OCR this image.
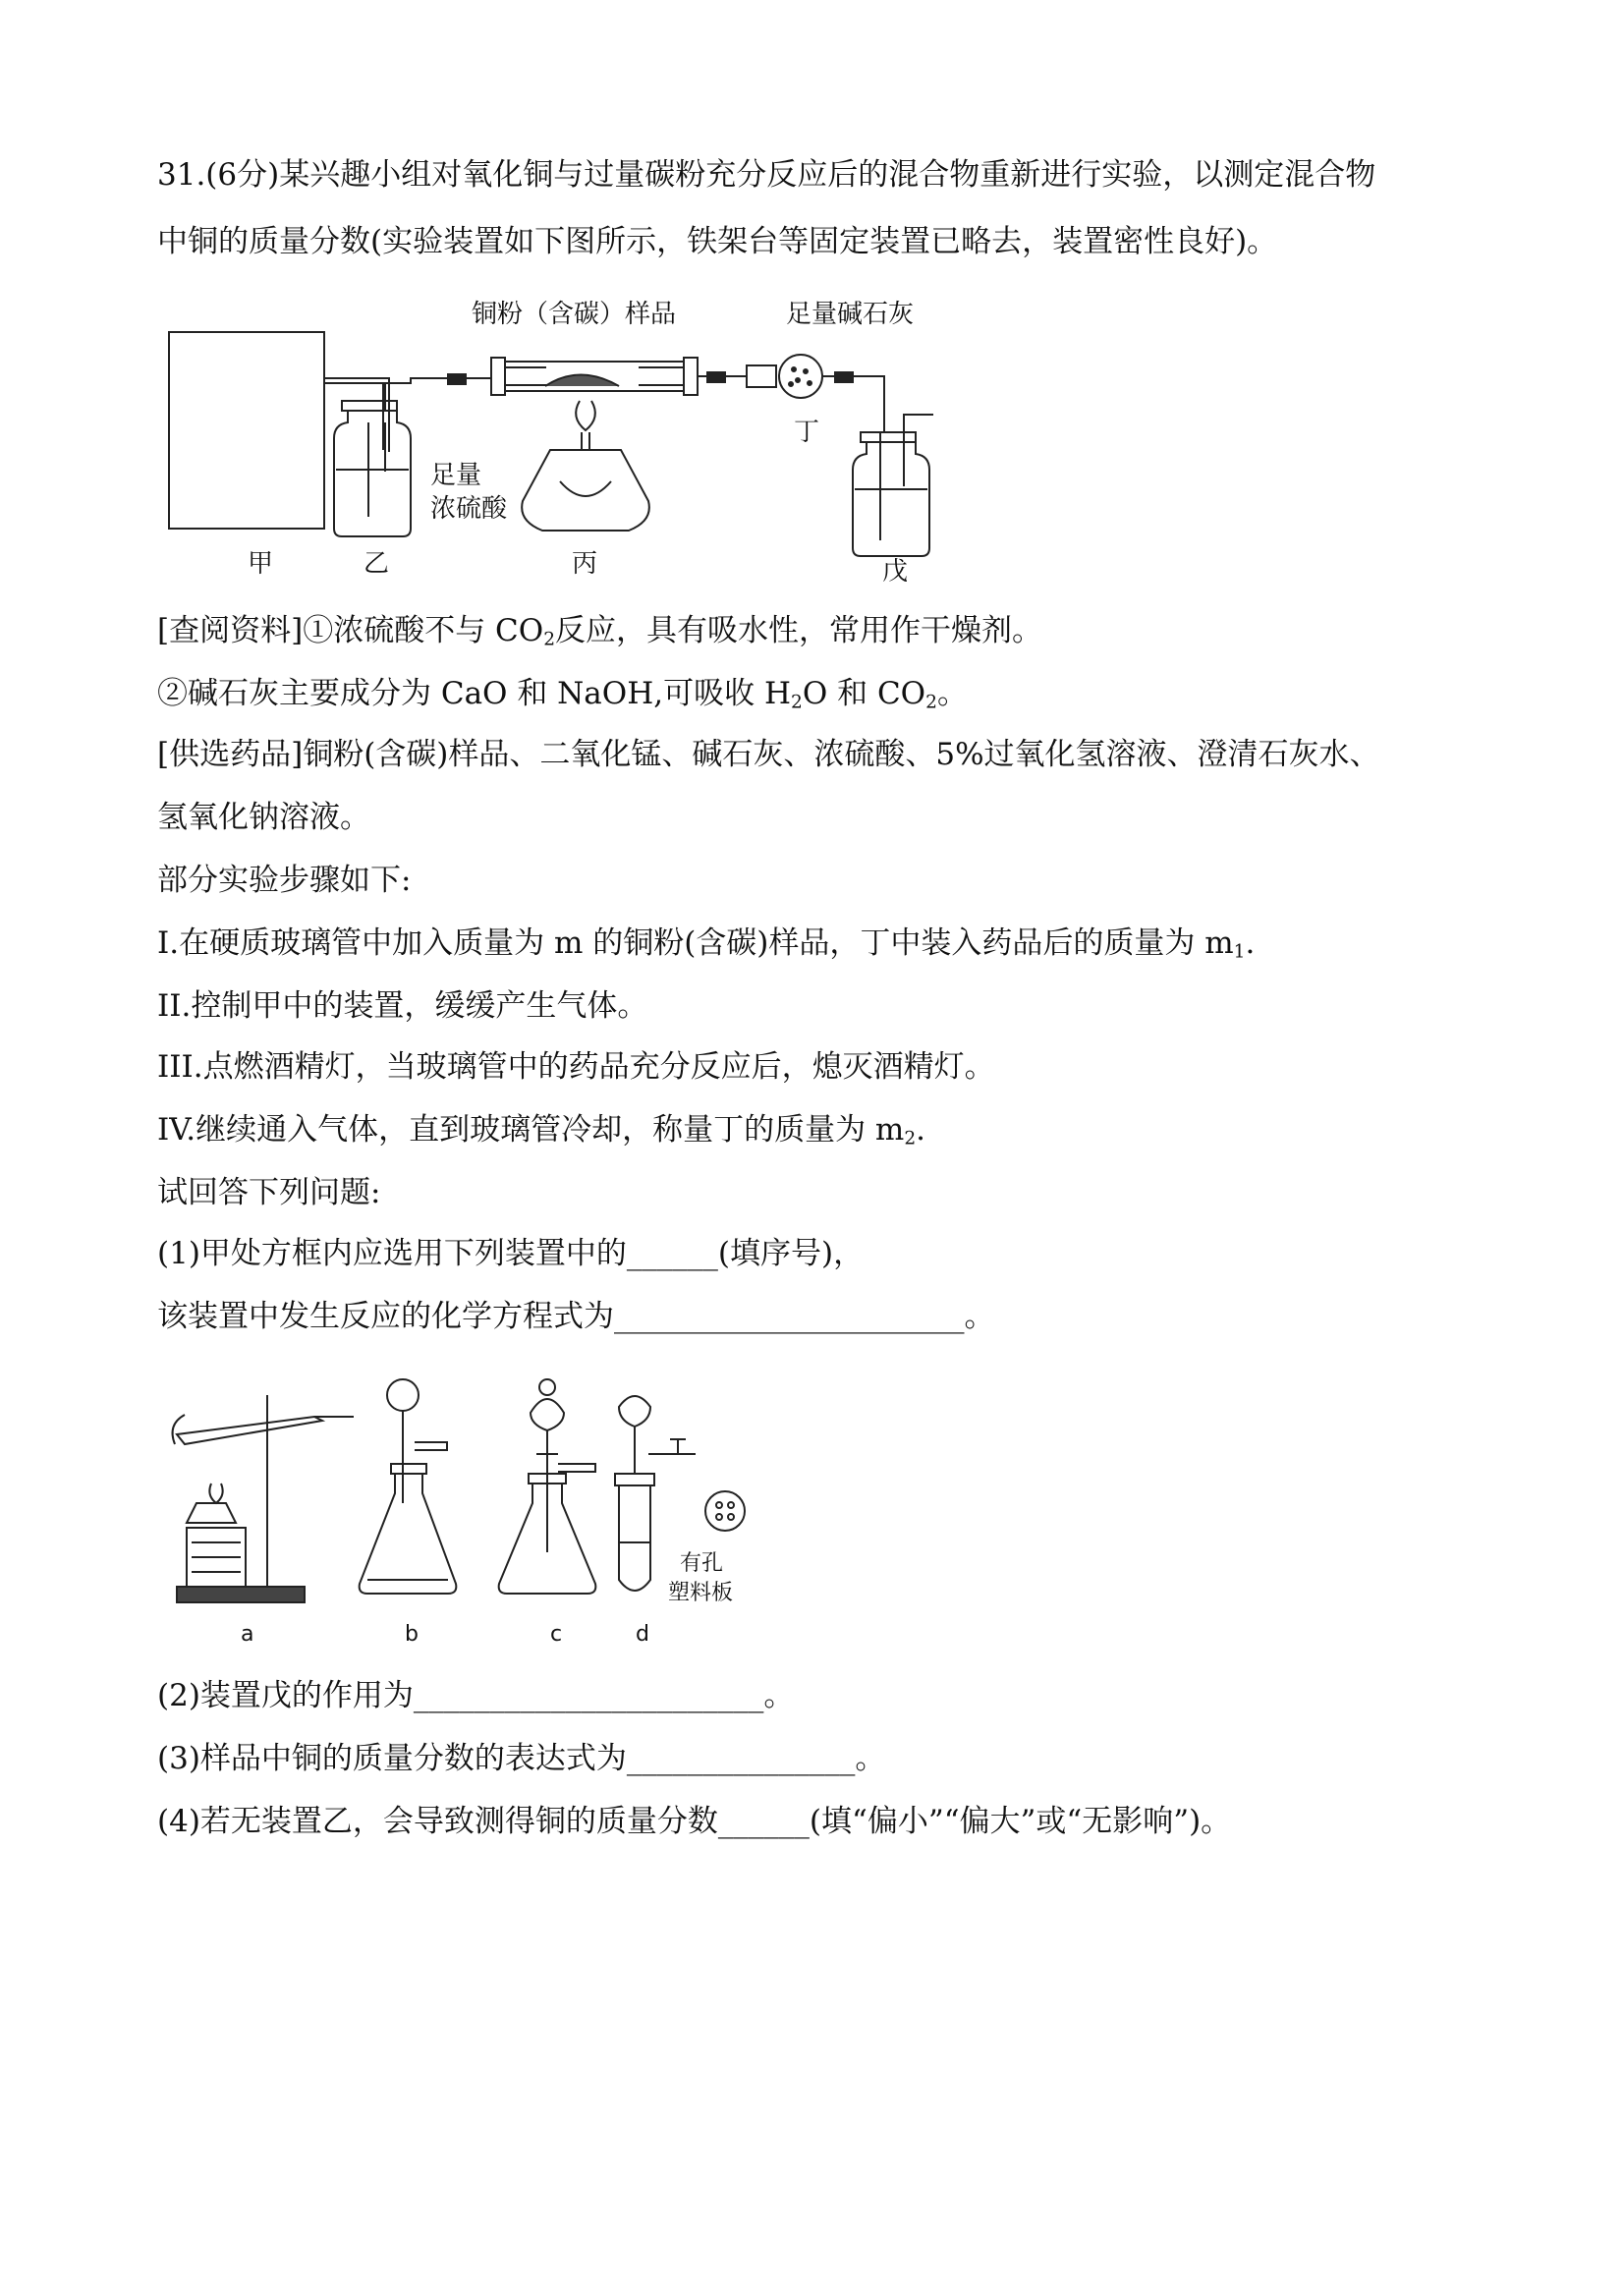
31.(6分)某兴趣小组对氧化铜与过量碳粉充分反应后的混合物重新进行实验，以测定混合物
中铜的质量分数(实验装置如下图所示，铁架台等固定装置已略去，装置密性良好)。
铜粉（含碳）样品	足量碱石灰
足量
浓硫酸
甲	乙	丙
丁
戊
[查阅资料]①浓硫酸不与 $CO_2$反应，具有吸水性，常用作干燥剂。
②碱石灰主要成分为 CaO 和 NaOH,可吸收 $H_2O$ 和 $CO_2$。
[供选药品]铜粉(含碳)样品、二氧化锰、碱石灰、浓硫酸、5%过氧化氢溶液、澄清石灰水、
氢氧化钠溶液。
部分实验步骤如下:
I.在硬质玻璃管中加入质量为 m 的铜粉(含碳)样品，丁中装入药品后的质量为 $m_1$.
II.控制甲中的装置，缓缓产生气体。
III.点燃酒精灯，当玻璃管中的药品充分反应后，熄灭酒精灯。
IV.继续通入气体，直到玻璃管冷却，称量丁的质量为 $m_2$.
试回答下列问题:
(1)甲处方框内应选用下列装置中的______(填序号)，
该装置中发生反应的化学方程式为_______________________。
a	b	c	d
有孔
塑料板
(2)装置戊的作用为_______________________。
(3)样品中铜的质量分数的表达式为_______________。
(4)若无装置乙，会导致测得铜的质量分数______(填“偏小”“偏大”或“无影响”)。
